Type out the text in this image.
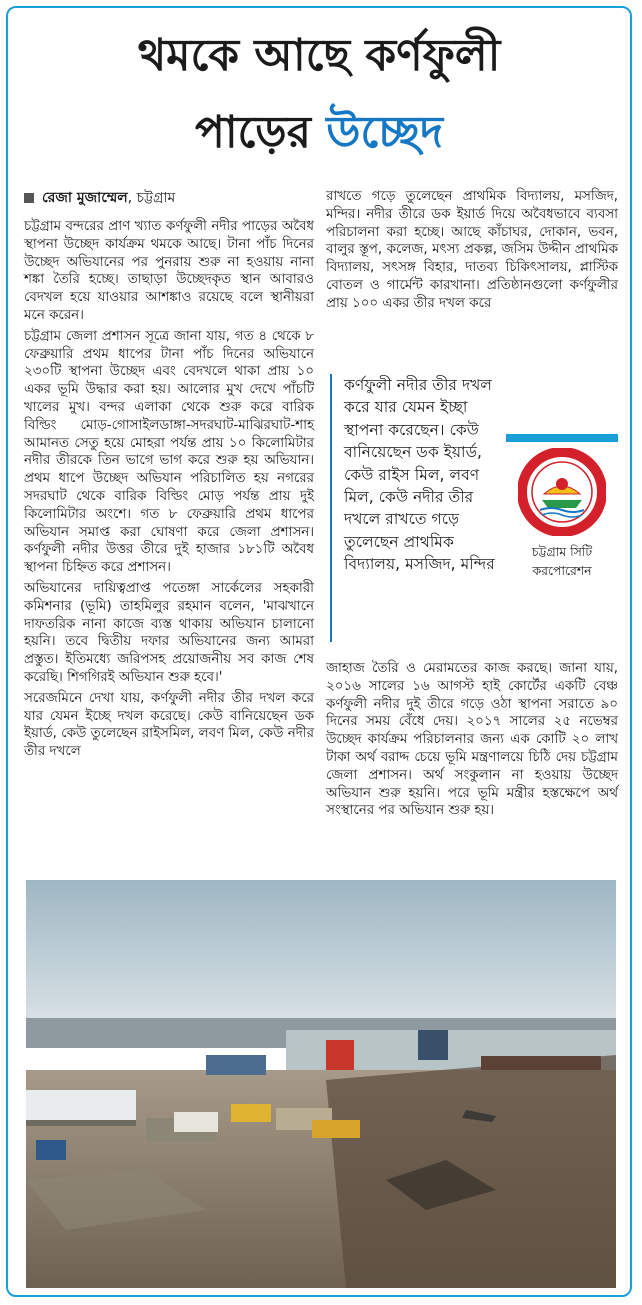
থমকে আছে কর্ণফুলী
পাড়ের উচ্ছেদ
রেজা মুজাম্মেল, চট্টগ্রাম

চট্টগ্রাম বন্দরের প্রাণ খ্যাত কর্ণফুলী নদীর পাড়ের অবৈধ স্থাপনা উচ্ছেদ কার্যক্রম থমকে আছে। টানা পাঁচ দিনের উচ্ছেদ অভিযানের পর পুনরায় শুরু না হওয়ায় নানা শঙ্কা তৈরি হচ্ছে। তাছাড়া উচ্ছেদকৃত স্থান আবারও বেদখল হয়ে যাওয়ার আশঙ্কাও রয়েছে বলে স্থানীয়রা মনে করেন।

চট্টগ্রাম জেলা প্রশাসন সূত্রে জানা যায়, গত ৪ থেকে ৮ ফেব্রুয়ারি প্রথম ধাপের টানা পাঁচ দিনের অভিযানে ২৩০টি স্থাপনা উচ্ছেদ এবং বেদখলে থাকা প্রায় ১০ একর ভূমি উদ্ধার করা হয়। আলোর মুখ দেখে পাঁচটি খালের মুখ। বন্দর এলাকা থেকে শুরু করে বারিক বিল্ডিং মোড়-গোসাইলডাঙ্গা-সদরঘাট-মাঝিরঘাট-শাহ আমানত সেতু হয়ে মোহরা পর্যন্ত প্রায় ১০ কিলোমিটার নদীর তীরকে তিন ভাগে ভাগ করে শুরু হয় অভিযান। প্রথম ধাপে উচ্ছেদ অভিযান পরিচালিত হয় নগরের সদরঘাট থেকে বারিক বিল্ডিং মোড় পর্যন্ত প্রায় দুই কিলোমিটার অংশে। গত ৮ ফেব্রুয়ারি প্রথম ধাপের অভিযান সমাপ্ত করা ঘোষণা করে জেলা প্রশাসন। কর্ণফুলী নদীর উত্তর তীরে দুই হাজার ১৮১টি অবৈধ স্থাপনা চিহ্নিত করে প্রশাসন।

অভিযানের দায়িত্বপ্রাপ্ত পতেঙ্গা সার্কেলের সহকারী কমিশনার (ভূমি) তাহমিলুর রহমান বলেন, 'মাঝখানে দাফতরিক নানা কাজে ব্যস্ত থাকায় অভিযান চালানো হয়নি। তবে দ্বিতীয় দফার অভিযানের জন্য আমরা প্রস্তুত। ইতিমধ্যে জরিপসহ প্রয়োজনীয় সব কাজ শেষ করেছি। শিগগিরই অভিযান শুরু হবে।'

সরেজমিনে দেখা যায়, কর্ণফুলী নদীর তীর দখল করে যার যেমন ইচ্ছে দখল করেছে। কেউ বানিয়েছেন ডক ইয়ার্ড, কেউ তুলেছেন রাইসমিল, লবণ মিল, কেউ নদীর তীর দখলে

রাখতে গড়ে তুলেছেন প্রাথমিক বিদ্যালয়, মসজিদ, মন্দির। নদীর তীরে ডক ইয়ার্ড দিয়ে অবৈধভাবে ব্যবসা পরিচালনা করা হচ্ছে। আছে কাঁচাঘর, দোকান, ভবন, বালুর স্তূপ, কলেজ, মৎস্য প্রকল্প, জসিম উদ্দীন প্রাথমিক বিদ্যালয়, সৎসঙ্গ বিহার, দাতব্য চিকিৎসালয়, প্লাস্টিক বোতল ও গার্মেন্ট কারখানা। প্রতিষ্ঠানগুলো কর্ণফুলীর প্রায় ১০০ একর তীর দখল করে

কর্ণফুলী নদীর তীর দখল করে যার যেমন ইচ্ছা স্থাপনা করেছেন। কেউ বানিয়েছেন ডক ইয়ার্ড, কেউ রাইস মিল, লবণ মিল, কেউ নদীর তীর দখলে রাখতে গড়ে তুলেছেন প্রাথমিক বিদ্যালয়, মসজিদ, মন্দির
চট্টগ্রাম সিটি
করপোরেশন

জাহাজ তৈরি ও মেরামতের কাজ করছে। জানা যায়, ২০১৬ সালের ১৬ আগস্ট হাই কোর্টের একটি বেঞ্চ কর্ণফুলী নদীর দুই তীরে গড়ে ওঠা স্থাপনা সরাতে ৯০ দিনের সময় বেঁধে দেয়। ২০১৭ সালের ২৫ নভেম্বর উচ্ছেদ কার্যক্রম পরিচালনার জন্য এক কোটি ২০ লাখ টাকা অর্থ বরাদ্দ চেয়ে ভূমি মন্ত্রণালয়ে চিঠি দেয় চট্টগ্রাম জেলা প্রশাসন। অর্থ সংকুলান না হওয়ায় উচ্ছেদ অভিযান শুরু হয়নি। পরে ভূমি মন্ত্রীর হস্তক্ষেপে অর্থ সংস্থানের পর অভিযান শুরু হয়।
